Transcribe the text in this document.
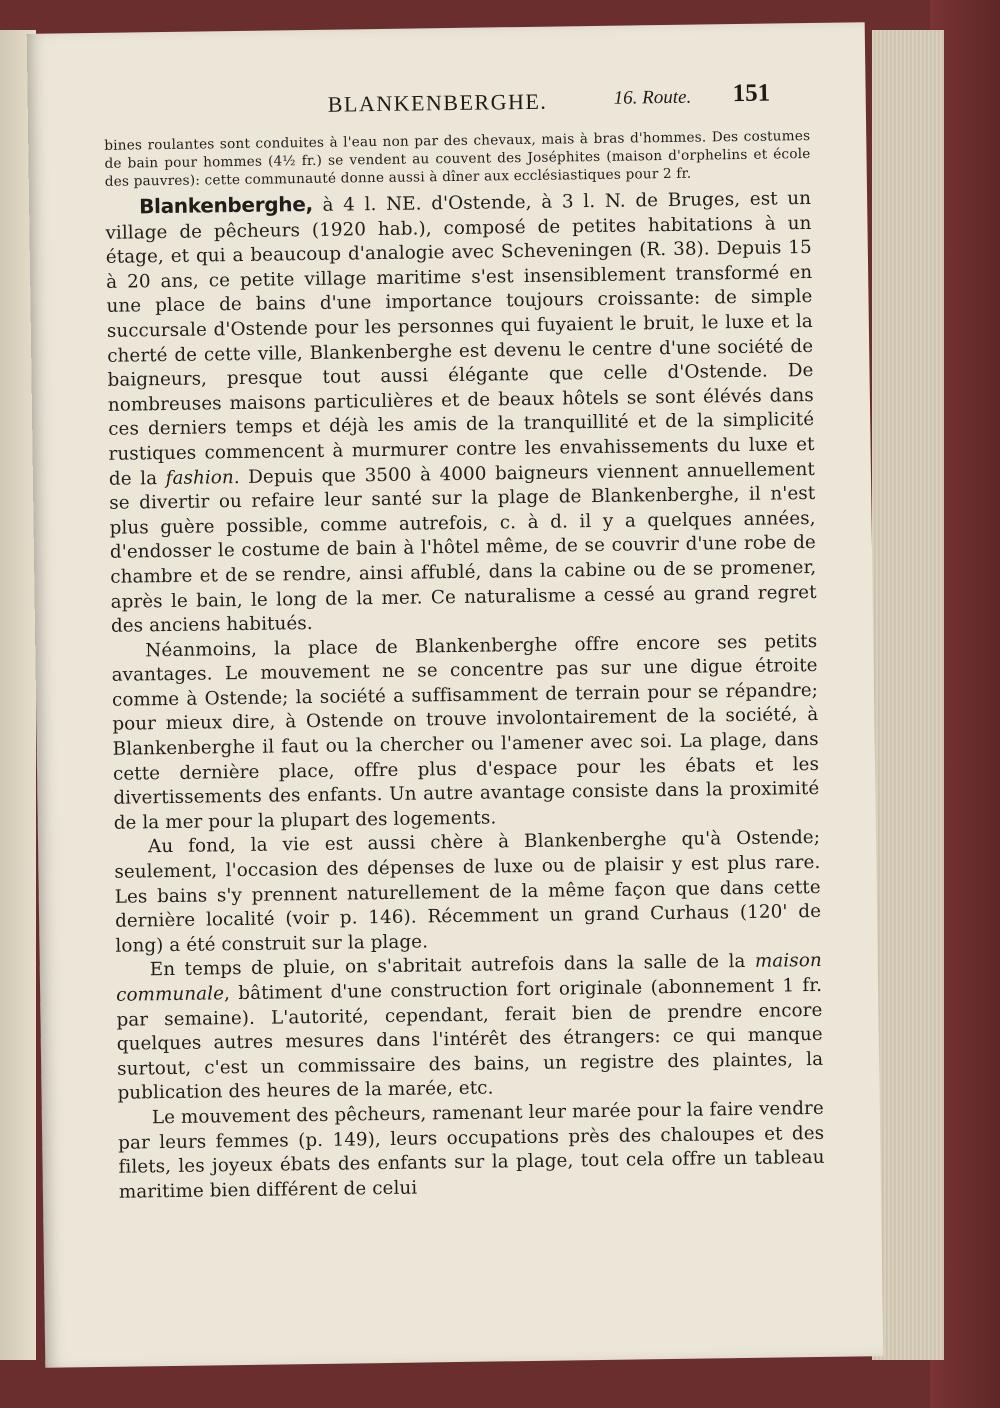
BLANKENBERGHE.	16. Route. 151

bines roulantes sont conduites à l'eau non par des chevaux, mais à bras d'hommes. Des costumes de bain pour hommes (4½ fr.) se vendent au couvent des Joséphites (maison d'orphelins et école des pauvres): cette communauté donne aussi à dîner aux ecclésiastiques pour 2 fr.

Blankenberghe, à 4 l. NE. d'Ostende, à 3 l. N. de Bruges, est un village de pêcheurs (1920 hab.), composé de petites habitations à un étage, et qui a beaucoup d'analogie avec Scheveningen (R. 38). Depuis 15 à 20 ans, ce petite village maritime s'est insensiblement transformé en une place de bains d'une importance toujours croissante: de simple succursale d'Ostende pour les personnes qui fuyaient le bruit, le luxe et la cherté de cette ville, Blankenberghe est devenu le centre d'une société de baigneurs, presque tout aussi élégante que celle d'Ostende. De nombreuses maisons particulières et de beaux hôtels se sont élévés dans ces derniers temps et déjà les amis de la tranquillité et de la simplicité rustiques commencent à murmurer contre les envahissements du luxe et de la fashion. Depuis que 3500 à 4000 baigneurs viennent annuellement se divertir ou refaire leur santé sur la plage de Blankenberghe, il n'est plus guère possible, comme autrefois, c. à d. il y a quelques années, d'endosser le costume de bain à l'hôtel même, de se couvrir d'une robe de chambre et de se rendre, ainsi affublé, dans la cabine ou de se promener, après le bain, le long de la mer. Ce naturalisme a cessé au grand regret des anciens habitués.

Néanmoins, la place de Blankenberghe offre encore ses petits avantages. Le mouvement ne se concentre pas sur une digue étroite comme à Ostende; la société a suffisamment de terrain pour se répandre; pour mieux dire, à Ostende on trouve involontairement de la société, à Blankenberghe il faut ou la chercher ou l'amener avec soi. La plage, dans cette dernière place, offre plus d'espace pour les ébats et les divertissements des enfants. Un autre avantage consiste dans la proximité de la mer pour la plupart des logements.

Au fond, la vie est aussi chère à Blankenberghe qu'à Ostende; seulement, l'occasion des dépenses de luxe ou de plaisir y est plus rare. Les bains s'y prennent naturellement de la même façon que dans cette dernière localité (voir p. 146). Récemment un grand Curhaus (120' de long) a été construit sur la plage.

En temps de pluie, on s'abritait autrefois dans la salle de la maison communale, bâtiment d'une construction fort originale (abonnement 1 fr. par semaine). L'autorité, cependant, ferait bien de prendre encore quelques autres mesures dans l'intérêt des étrangers: ce qui manque surtout, c'est un commissaire des bains, un registre des plaintes, la publication des heures de la marée, etc.

Le mouvement des pêcheurs, ramenant leur marée pour la faire vendre par leurs femmes (p. 149), leurs occupations près des chaloupes et des filets, les joyeux ébats des enfants sur la plage, tout cela offre un tableau maritime bien différent de celui
